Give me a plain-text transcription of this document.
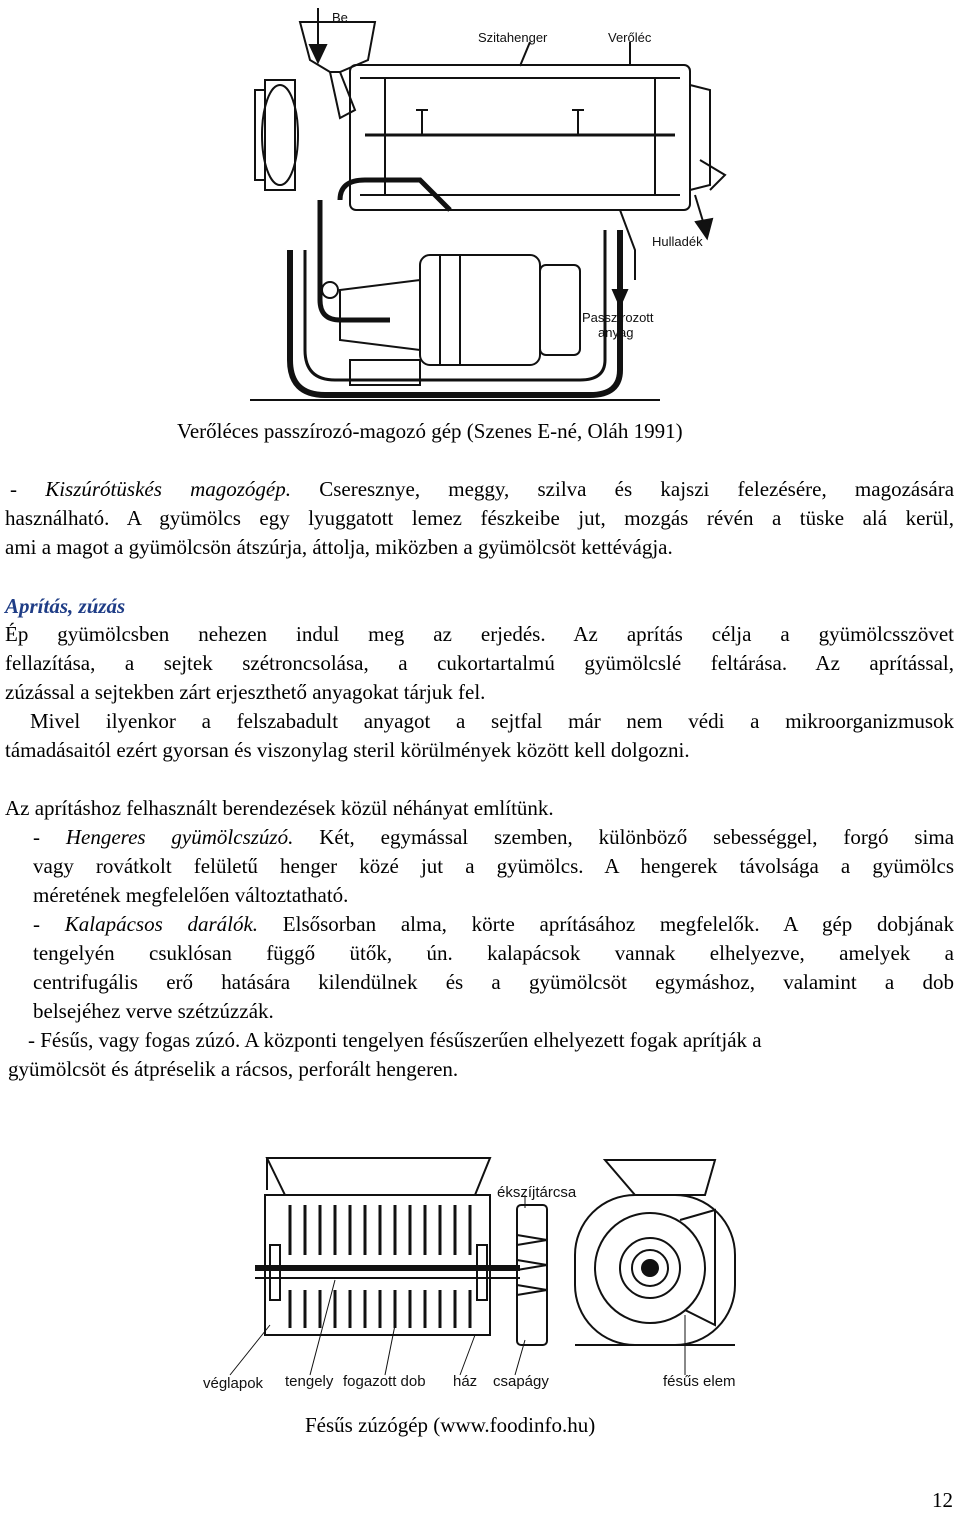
Be
Szitahenger	Verőléc
Hulladék
Passzírozott
anyag
Verőléces passzírozó-magozó gép (Szenes E-né, Oláh 1991)
- Kiszúrótüskés magozógép. Cseresznye, meggy, szilva és kajszi felezésére, magozására
használható. A gyümölcs egy lyuggatott lemez fészkeibe jut, mozgás révén a tüske alá kerül,
ami a magot a gyümölcsön átszúrja, áttolja, miközben a gyümölcsöt kettévágja.
Aprítás, zúzás
Ép gyümölcsben nehezen indul meg az erjedés. Az aprítás célja a gyümölcsszövet
fellazítása, a sejtek szétroncsolása, a cukortartalmú gyümölcslé feltárása. Az aprítással,
zúzással a sejtekben zárt erjeszthető anyagokat tárjuk fel.
Mivel ilyenkor a felszabadult anyagot a sejtfal már nem védi a mikroorganizmusok
támadásaitól ezért gyorsan és viszonylag steril körülmények között kell dolgozni.
Az aprításhoz felhasznált berendezések közül néhányat említünk.
- Hengeres gyümölcszúzó. Két, egymással szemben, különböző sebességgel, forgó sima
vagy rovátkolt felületű henger közé jut a gyümölcs. A hengerek távolsága a gyümölcs
méretének megfelelően változtatható.
- Kalapácsos darálók. Elsősorban alma, körte aprításához megfelelők. A gép dobjának
tengelyén csuklósan függő ütők, ún. kalapácsok vannak elhelyezve, amelyek a
centrifugális erő hatására kilendülnek és a gyümölcsöt egymáshoz, valamint a dob
belsejéhez verve szétzúzzák.
- Fésűs, vagy fogas zúzó. A központi tengelyen fésűszerűen elhelyezett fogak aprítják a
gyümölcsöt és átpréselik a rácsos, perforált hengeren.
ékszíjtárcsa
véglapok tengely fogazott dob ház csapágy	fésűs elem
Fésűs zúzógép (www.foodinfo.hu)
12
